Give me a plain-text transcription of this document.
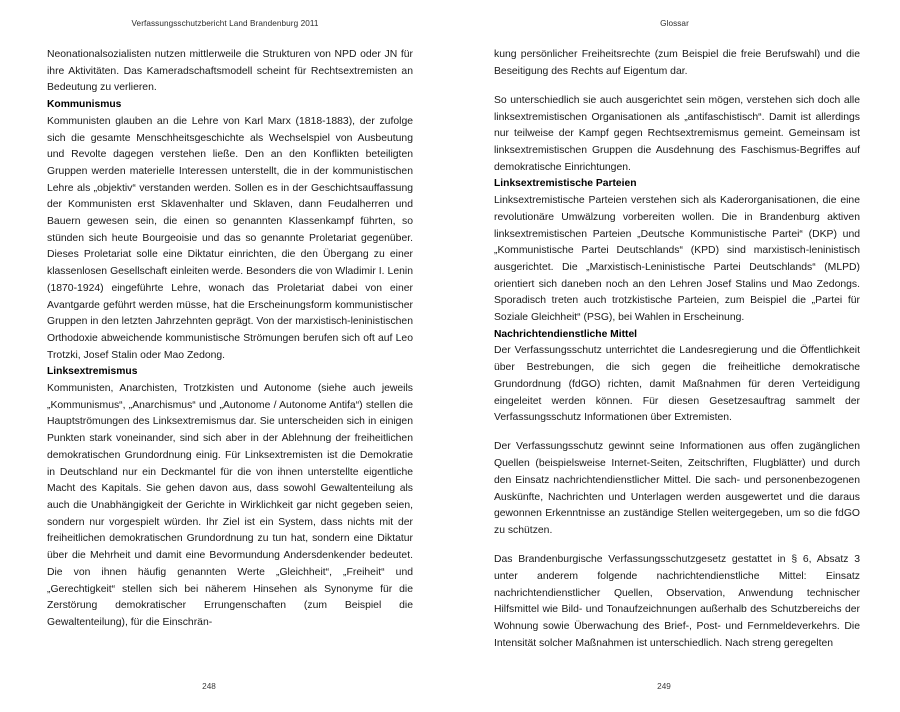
Verfassungsschutzbericht Land Brandenburg 2011

Neonationalsozialisten nutzen mittlerweile die Strukturen von NPD oder JN für ihre Aktivitäten. Das Kameradschaftsmodell scheint für Rechtsextremisten an Bedeutung zu verlieren.

Kommunismus

Kommunisten glauben an die Lehre von Karl Marx (1818-1883), der zufolge sich die gesamte Menschheitsgeschichte als Wechselspiel von Ausbeutung und Revolte dagegen verstehen ließe. Den an den Konflikten beteiligten Gruppen werden materielle Interessen unterstellt, die in der kommunistischen Lehre als „objektiv“ verstanden werden. Sollen es in der Geschichtsauffassung der Kommunisten erst Sklavenhalter und Sklaven, dann Feudalherren und Bauern gewesen sein, die einen so genannten Klassenkampf führten, so stünden sich heute Bourgeoisie und das so genannte Proletariat gegenüber. Dieses Proletariat solle eine Diktatur einrichten, die den Übergang zu einer klassenlosen Gesellschaft einleiten werde. Besonders die von Wladimir I. Lenin (1870-1924) eingeführte Lehre, wonach das Proletariat dabei von einer Avantgarde geführt werden müsse, hat die Erscheinungsform kommunistischer Gruppen in den letzten Jahrzehnten geprägt. Von der marxistisch-leninistischen Orthodoxie abweichende kommunistische Strömungen berufen sich oft auf Leo Trotzki, Josef Stalin oder Mao Zedong.

Linksextremismus

Kommunisten, Anarchisten, Trotzkisten und Autonome (siehe auch jeweils „Kommunismus“, „Anarchismus“ und „Autonome / Autonome Antifa“) stellen die Hauptströmungen des Linksextremismus dar. Sie unterscheiden sich in einigen Punkten stark voneinander, sind sich aber in der Ablehnung der freiheitlichen demokratischen Grundordnung einig. Für Linksextremisten ist die Demokratie in Deutschland nur ein Deckmantel für die von ihnen unterstellte eigentliche Macht des Kapitals. Sie gehen davon aus, dass sowohl Gewaltenteilung als auch die Unabhängigkeit der Gerichte in Wirklichkeit gar nicht gegeben seien, sondern nur vorgespielt würden. Ihr Ziel ist ein System, dass nichts mit der freiheitlichen demokratischen Grundordnung zu tun hat, sondern eine Diktatur über die Mehrheit und damit eine Bevormundung Andersdenkender bedeutet. Die von ihnen häufig genannten Werte „Gleichheit“, „Freiheit“ und „Gerechtigkeit“ stellen sich bei näherem Hinsehen als Synonyme für die Zerstörung demokratischer Errungenschaften (zum Beispiel die Gewaltenteilung), für die Einschrän-

248
Glossar

kung persönlicher Freiheitsrechte (zum Beispiel die freie Berufswahl) und die Beseitigung des Rechts auf Eigentum dar.

So unterschiedlich sie auch ausgerichtet sein mögen, verstehen sich doch alle linksextremistischen Organisationen als „antifaschistisch“. Damit ist allerdings nur teilweise der Kampf gegen Rechtsextremismus gemeint. Gemeinsam ist linksextremistischen Gruppen die Ausdehnung des Faschismus-Begriffes auf demokratische Einrichtungen.

Linksextremistische Parteien

Linksextremistische Parteien verstehen sich als Kaderorganisationen, die eine revolutionäre Umwälzung vorbereiten wollen. Die in Brandenburg aktiven linksextremistischen Parteien „Deutsche Kommunistische Partei“ (DKP) und „Kommunistische Partei Deutschlands“ (KPD) sind marxistisch-leninistisch ausgerichtet. Die „Marxistisch-Leninistische Partei Deutschlands“ (MLPD) orientiert sich daneben noch an den Lehren Josef Stalins und Mao Zedongs. Sporadisch treten auch trotzkistische Parteien, zum Beispiel die „Partei für Soziale Gleichheit“ (PSG), bei Wahlen in Erscheinung.

Nachrichtendienstliche Mittel

Der Verfassungsschutz unterrichtet die Landesregierung und die Öffentlichkeit über Bestrebungen, die sich gegen die freiheitliche demokratische Grundordnung (fdGO) richten, damit Maßnahmen für deren Verteidigung eingeleitet werden können. Für diesen Gesetzesauftrag sammelt der Verfassungsschutz Informationen über Extremisten.

Der Verfassungsschutz gewinnt seine Informationen aus offen zugänglichen Quellen (beispielsweise Internet-Seiten, Zeitschriften, Flugblätter) und durch den Einsatz nachrichtendienstlicher Mittel. Die sach- und personenbezogenen Auskünfte, Nachrichten und Unterlagen werden ausgewertet und die daraus gewonnen Erkenntnisse an zuständige Stellen weitergegeben, um so die fdGO zu schützen.

Das Brandenburgische Verfassungsschutzgesetz gestattet in § 6, Absatz 3 unter anderem folgende nachrichtendienstliche Mittel: Einsatz nachrichtendienstlicher Quellen, Observation, Anwendung technischer Hilfsmittel wie Bild- und Tonaufzeichnungen außerhalb des Schutzbereichs der Wohnung sowie Überwachung des Brief-, Post- und Fernmeldeverkehrs. Die Intensität solcher Maßnahmen ist unterschiedlich. Nach streng geregelten

249
